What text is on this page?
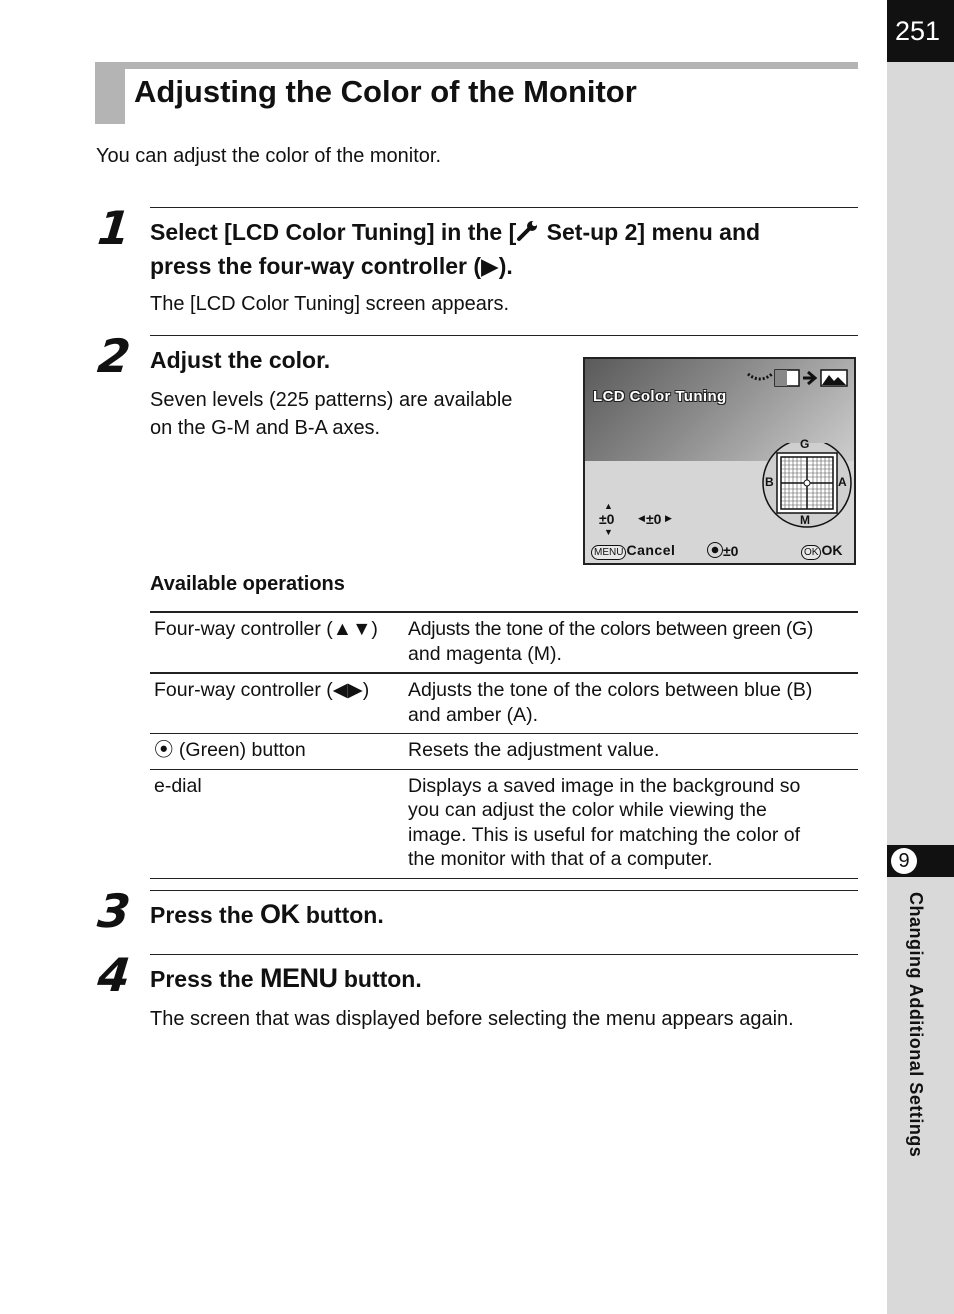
251
9
Changing Additional Settings
Adjusting the Color of the Monitor
You can adjust the color of the monitor.
1 Select [LCD Color Tuning] in the [ Set-up 2] menu and
press the four-way controller (▶).
The [LCD Color Tuning] screen appears.
2 Adjust the color.
Seven levels (225 patterns) are available
on the G-M and B-A axes.
LCD Color Tuning
G
M
B	A
▲
±0
▼
◀ ±0 ▶
MENU Cancel	±0	OK OK
Available operations
Four-way controller (▲▼)	Adjusts the tone of the colors between green (G)
and magenta (M).

Four-way controller (◀▶)	Adjusts the tone of the colors between blue (B)
and amber (A).

⦿ (Green) button	Resets the adjustment value.

e-dial	Displays a saved image in the background so
you can adjust the color while viewing the
image. This is useful for matching the color of
the monitor with that of a computer.
3 Press the OK button.
4 Press the MENU button.
The screen that was displayed before selecting the menu appears again.
